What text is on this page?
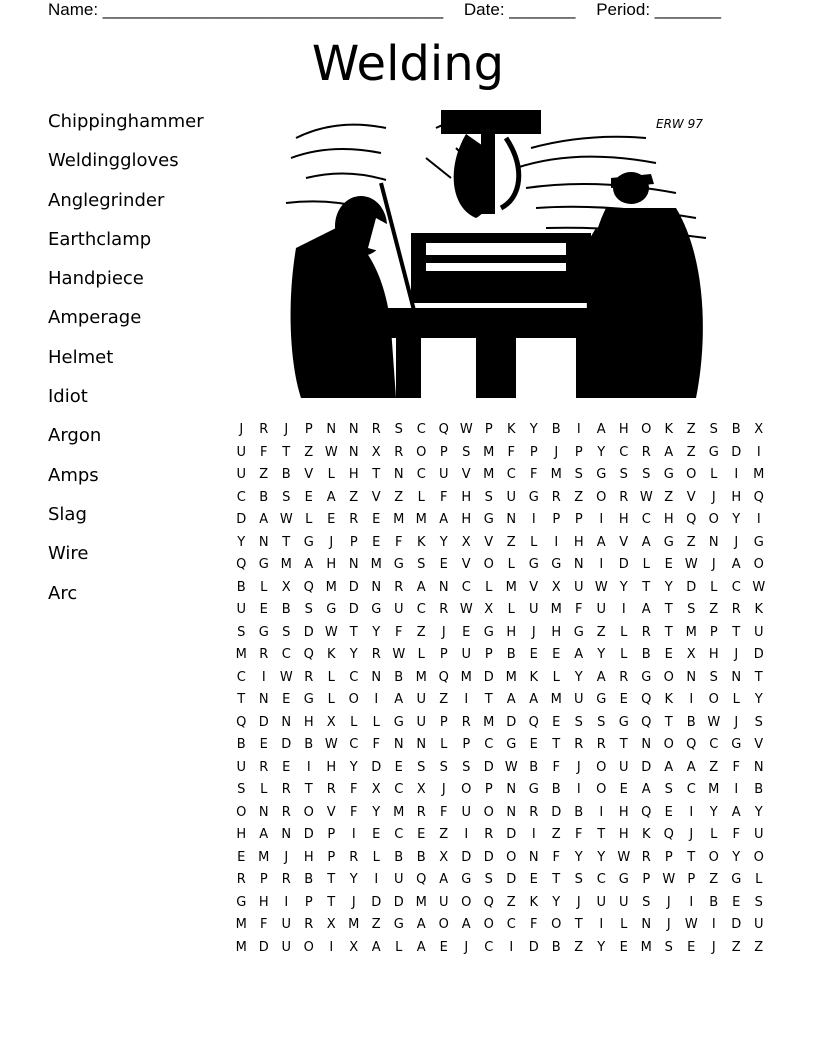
Name: ____________________________________ Date: _______ Period: _______
Welding
Chippinghammer
Weldinggloves
Anglegrinder
Earthclamp
Handpiece
Amperage
Helmet
Idiot
Argon
Amps
Slag
Wire
Arc
ERW 97
J	R	J	P	N N	R	S	C Q W P	K	Y	B	I	A	H O	K	Z	S	B	X
U	F	T	Z W N	X	R O	P	S M	F	P	J	P	Y	C	R	A	Z	G D	I
U	Z	B	V	L	H	T	N	C	U	V M C	F	M S	G	S	S	G O	L	I	M
C	B	S	E	A	Z	V	Z	L	F	H	S	U G R	Z O R W Z	V	J	H Q
D	A W L	E	R	E M M A	H G N	I	P	P	I	H	C	H Q O	Y	I
Y	N	T	G	J	P	E	F	K	Y	X	V	Z	L	I	H	A	V	A	G	Z	N	J	G
Q G M A	H N M G	S	E	V O	L	G G N	I	D	L	E W	J	A O
B	L	X Q M D N	R	A	N	C	L	M V	X	U W Y	T	Y	D	L	C W
U	E	B	S	G D G U	C	R W X	L	U M	F	U	I	A	T	S	Z	R	K
S	G	S	D W T	Y	F	Z	J	E	G H	J	H G	Z	L	R	T M P	T	U
M R	C Q	K	Y	R W L	P	U	P	B	E	E	A	Y	L	B	E	X	H	J	D
C	I	W R	L	C	N	B M Q M D M K	L	Y	A	R G O N	S	N	T
T	N	E	G	L	O	I	A	U	Z	I	T	A	A M U G	E	Q	K	I	O	L	Y
Q D N H	X	L	L	G U	P	R M D Q	E	S	S	G Q	T	B W	J	S
B	E	D	B W C	F	N N	L	P	C G	E	T	R	R	T	N O Q C G	V
U	R	E	I	H	Y	D	E	S	S	S	D W B	F	J	O U D	A	A	Z	F	N
S	L	R	T	R	F	X	C	X	J	O	P	N G	B	I	O	E	A	S	C M	I	B
O N	R O V	F	Y M R	F	U O N	R D	B	I	H Q	E	I	Y	A	Y
H	A	N D	P	I	E	C	E	Z	I	R D	I	Z	F	T	H	K	Q	J	L	F	U
E M	J	H	P	R	L	B	B	X	D D O N	F	Y	Y W R	P	T	O	Y	O
R	P	R	B	T	Y	I	U Q A	G	S	D	E	T	S	C G	P W P	Z	G	L
G H	I	P	T	J	D D M U O Q Z	K	Y	J	U U	S	J	I	B	E	S
M	F	U	R	X M Z	G	A O A O C	F	O	T	I	L	N	J	W	I	D U
M D U O	I	X	A	L	A	E	J	C	I	D	B	Z	Y	E M S	E	J	Z	Z
